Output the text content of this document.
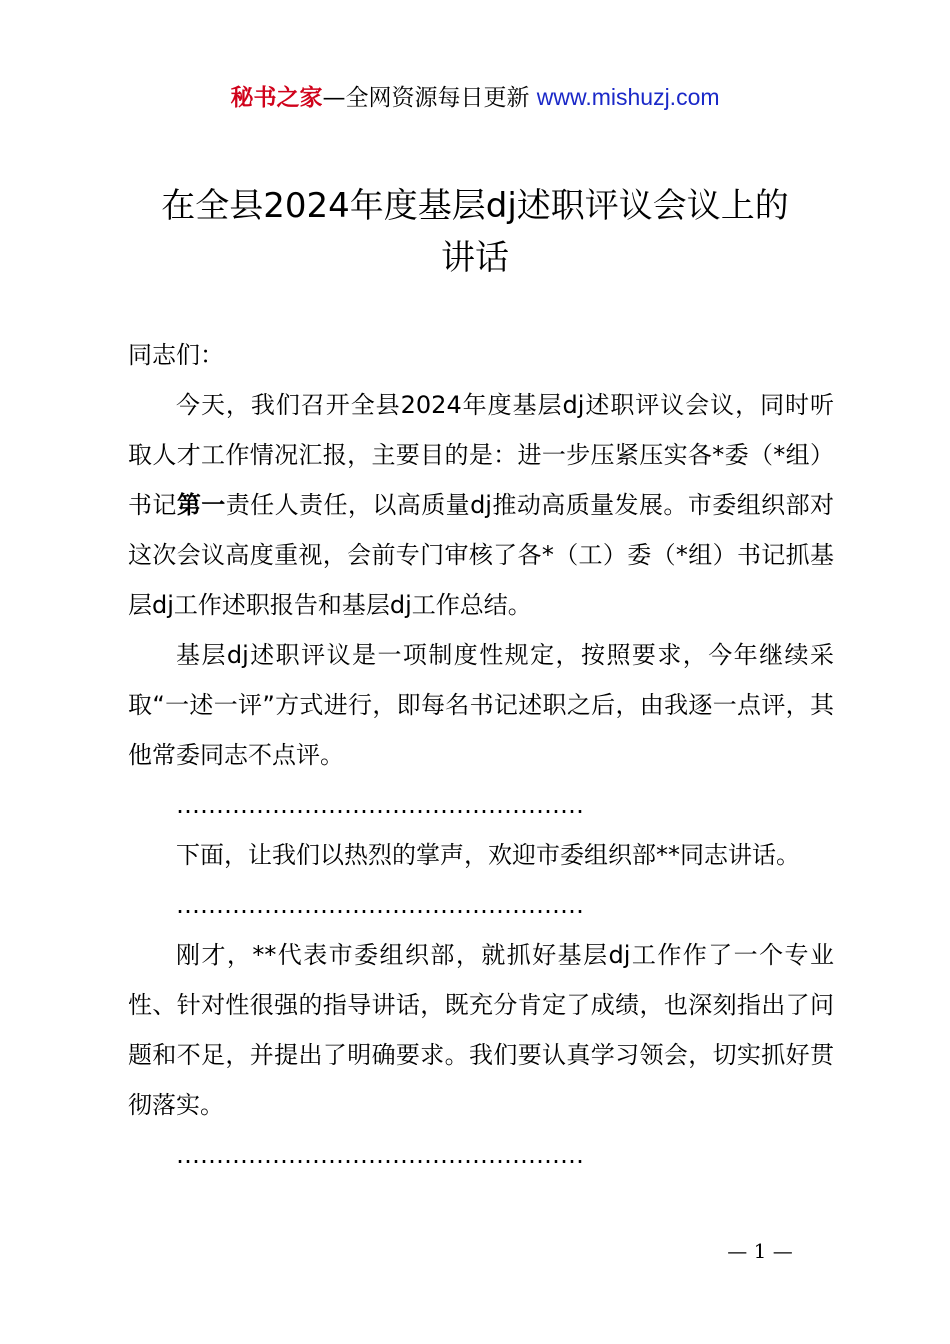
秘书之家—全网资源每日更新 www.mishuzj.com
在全县2024年度基层dj述职评议会议上的
讲话

同志们：

今天，我们召开全县2024年度基层dj述职评议会议，同时听取人才工作情况汇报，主要目的是：进一步压紧压实各*委（*组）书记第一责任人责任，以高质量dj推动高质量发展。市委组织部对这次会议高度重视，会前专门审核了各*（工）委（*组）书记抓基层dj工作述职报告和基层dj工作总结。

基层dj述职评议是一项制度性规定，按照要求，今年继续采取“一述一评”方式进行，即每名书记述职之后，由我逐一点评，其他常委同志不点评。

……………………………………………

下面，让我们以热烈的掌声，欢迎市委组织部**同志讲话。

……………………………………………

刚才，**代表市委组织部，就抓好基层dj工作作了一个专业性、针对性很强的指导讲话，既充分肯定了成绩，也深刻指出了问题和不足，并提出了明确要求。我们要认真学习领会，切实抓好贯彻落实。

……………………………………………

— 1 —
